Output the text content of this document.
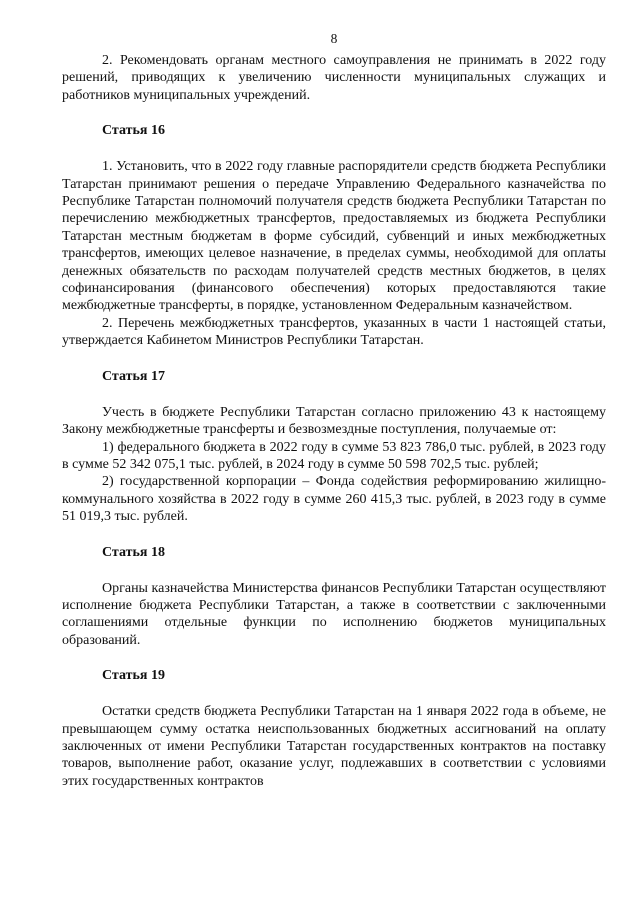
8

2. Рекомендовать органам местного самоуправления не принимать в 2022 году решений, приводящих к увеличению численности муниципальных служащих и работников муниципальных учреждений.

Статья 16

1. Установить, что в 2022 году главные распорядители средств бюджета Республики Татарстан принимают решения о передаче Управлению Федерального казначейства по Республике Татарстан полномочий получателя средств бюджета Республики Татарстан по перечислению межбюджетных трансфертов, предоставляемых из бюджета Республики Татарстан местным бюджетам в форме субсидий, субвенций и иных межбюджетных трансфертов, имеющих целевое назначение, в пределах суммы, необходимой для оплаты денежных обязательств по расходам получателей средств местных бюджетов, в целях софинансирования (финансового обеспечения) которых предоставляются такие межбюджетные трансферты, в порядке, установленном Федеральным казначейством.

2. Перечень межбюджетных трансфертов, указанных в части 1 настоящей статьи, утверждается Кабинетом Министров Республики Татарстан.

Статья 17

Учесть в бюджете Республики Татарстан согласно приложению 43 к настоящему Закону межбюджетные трансферты и безвозмездные поступления, получаемые от:

1) федерального бюджета в 2022 году в сумме 53 823 786,0 тыс. рублей, в 2023 году в сумме 52 342 075,1 тыс. рублей, в 2024 году в сумме 50 598 702,5 тыс. рублей;

2) государственной корпорации – Фонда содействия реформированию жилищно-коммунального хозяйства в 2022 году в сумме 260 415,3 тыс. рублей, в 2023 году в сумме 51 019,3 тыс. рублей.

Статья 18

Органы казначейства Министерства финансов Республики Татарстан осуществляют исполнение бюджета Республики Татарстан, а также в соответствии с заключенными соглашениями отдельные функции по исполнению бюджетов муниципальных образований.

Статья 19

Остатки средств бюджета Республики Татарстан на 1 января 2022 года в объеме, не превышающем сумму остатка неиспользованных бюджетных ассигнований на оплату заключенных от имени Республики Татарстан государственных контрактов на поставку товаров, выполнение работ, оказание услуг, подлежавших в соответствии с условиями этих государственных контрактов
